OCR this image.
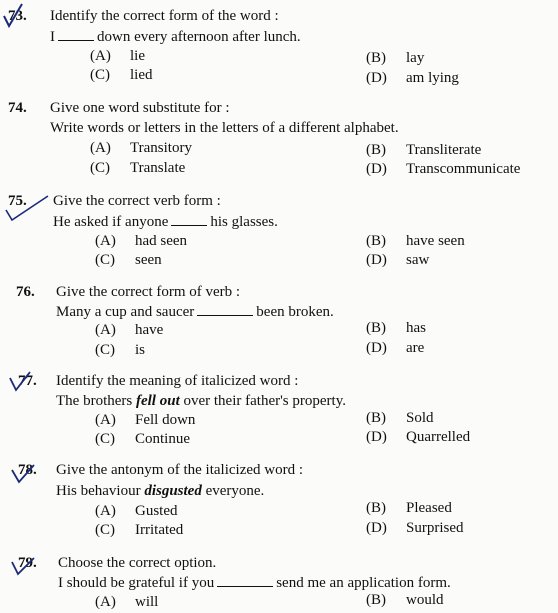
73. Identify the correct form of the word :
I	down every afternoon after lunch.
(A) lie	(B) lay
(C) lied	(D) am lying
74. Give one word substitute for :
Write words or letters in the letters of a different alphabet.
(A) Transitory	(B) Transliterate
(C) Translate	(D) Transcommunicate
75. Give the correct verb form :
He asked if anyone	his glasses.
(A) had seen	(B) have seen
(C) seen	(D) saw
76. Give the correct form of verb :
Many a cup and saucer	been broken.
(A) have	(B) has
(C) is	(D) are
77. Identify the meaning of italicized word :
The brothers fell out over their father's property.
(A) Fell down	(B) Sold
(C) Continue	(D) Quarrelled
78. Give the antonym of the italicized word :
His behaviour disgusted everyone.
(A) Gusted	(B) Pleased
(C) Irritated	(D) Surprised
79. Choose the correct option.
I should be grateful if you	send me an application form.
(A) will	(B) would
